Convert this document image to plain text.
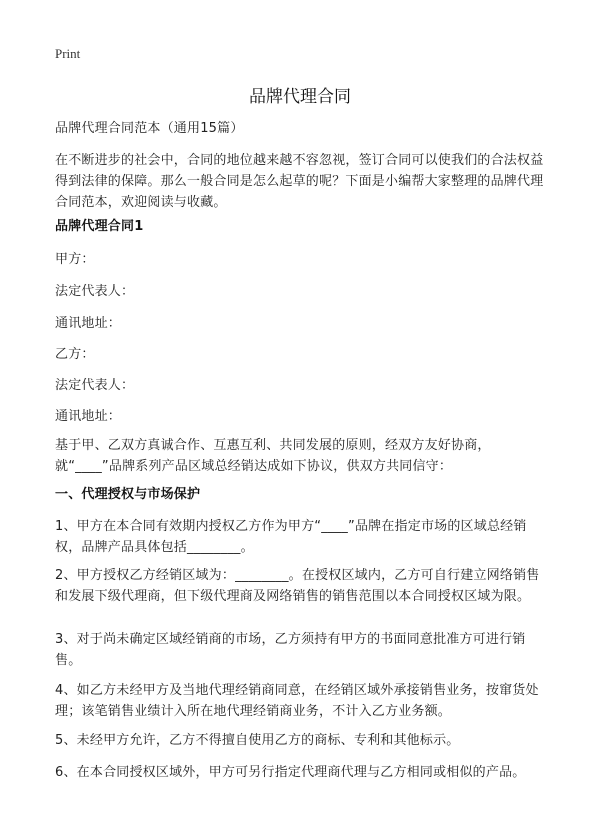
Print
品牌代理合同

品牌代理合同范本（通用15篇）

在不断进步的社会中，合同的地位越来越不容忽视，签订合同可以使我们的合法权益得到法律的保障。那么一般合同是怎么起草的呢？下面是小编帮大家整理的品牌代理合同范本，欢迎阅读与收藏。

品牌代理合同1

甲方：

法定代表人：

通讯地址：

乙方：

法定代表人：

通讯地址：

基于甲、乙双方真诚合作、互惠互利、共同发展的原则，经双方友好协商，就“____”品牌系列产品区域总经销达成如下协议，供双方共同信守：

一、代理授权与市场保护

1、甲方在本合同有效期内授权乙方作为甲方“____”品牌在指定市场的区域总经销权，品牌产品具体包括________。

2、甲方授权乙方经销区域为：________。在授权区域内，乙方可自行建立网络销售和发展下级代理商，但下级代理商及网络销售的销售范围以本合同授权区域为限。

3、对于尚未确定区域经销商的市场，乙方须持有甲方的书面同意批准方可进行销售。

4、如乙方未经甲方及当地代理经销商同意，在经销区域外承接销售业务，按窜货处理；该笔销售业绩计入所在地代理经销商业务，不计入乙方业务额。

5、未经甲方允许，乙方不得擅自使用乙方的商标、专利和其他标示。

6、在本合同授权区域外，甲方可另行指定代理商代理与乙方相同或相似的产品。
